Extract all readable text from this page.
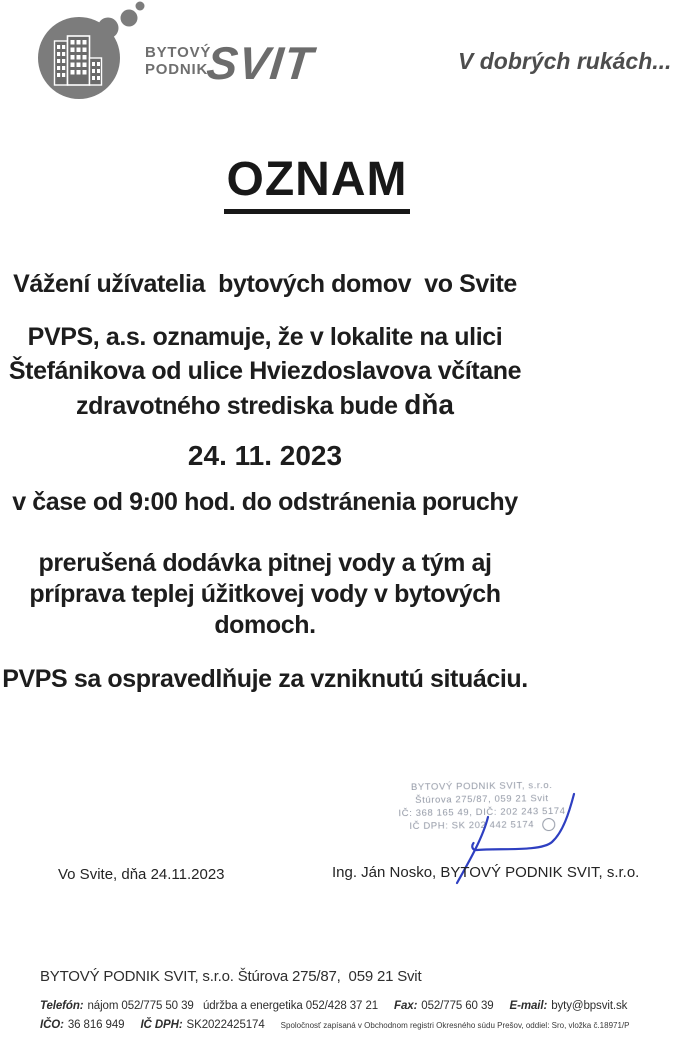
BYTOVÝ
PODNIK
SVIT	V dobrých rukách...
OZNAM
Vážení užívatelia  bytových domov  vo Svite
PVPS, a.s. oznamuje, že v lokalite na ulici Štefánikova od ulice Hviezdoslavova včítane zdravotného strediska bude dňa
24. 11. 2023
v čase od 9:00 hod. do odstránenia poruchy
prerušená dodávka pitnej vody a tým aj príprava teplej úžitkovej vody v bytových domoch.
PVPS sa ospravedlňuje za vzniknutú situáciu.
BYTOVÝ PODNIK SVIT, s.r.o.
Štúrova 275/87, 059 21 Svit
IČ: 368 165 49, DIČ: 202 243 5174
IČ DPH: SK 202 442 5174
Vo Svite, dňa 24.11.2023	Ing. Ján Nosko, BYTOVÝ PODNIK SVIT, s.r.o.
BYTOVÝ PODNIK SVIT, s.r.o. Štúrova 275/87,  059 21 Svit
Telefón: nájom 052/775 50 39   údržba a energetika 052/428 37 21 Fax: 052/775 60 39 E-mail: byty@bpsvit.sk
IČO: 36 816 949 IČ DPH: SK2022425174 Spoločnosť zapísaná v Obchodnom registri Okresného súdu Prešov, oddiel: Sro, vložka č.18971/P
